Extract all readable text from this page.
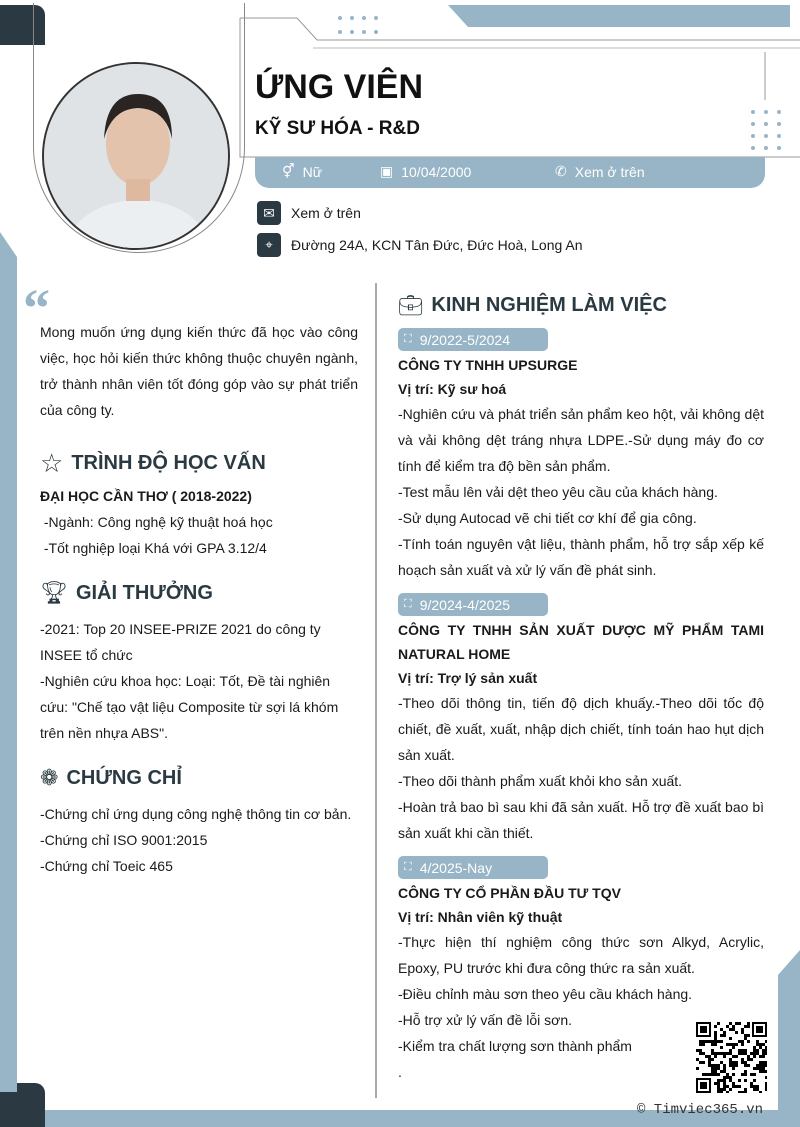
ỨNG VIÊN
KỸ SƯ HÓA - R&D
⚥ Nữ	▣ 10/04/2000	✆ Xem ở trên
✉ Xem ở trên
⌖ Đường 24A, KCN Tân Đức, Đức Hoà, Long An
“
Mong muốn ứng dụng kiến thức đã học vào công việc, học hỏi kiến thức không thuộc chuyên ngành, trở thành nhân viên tốt đóng góp vào sự phát triển của công ty.
☆ TRÌNH ĐỘ HỌC VẤN
ĐẠI HỌC CẦN THƠ ( 2018-2022)
-Ngành: Công nghệ kỹ thuật hoá học
-Tốt nghiệp loại Khá với GPA 3.12/4
🏆︎ GIẢI THƯỞNG
-2021: Top 20 INSEE-PRIZE 2021 do công ty INSEE tổ chức
-Nghiên cứu khoa học: Loại: Tốt, Đề tài nghiên cứu: "Chế tạo vật liệu Composite từ sợi lá khóm trên nền nhựa ABS".
❁ CHỨNG CHỈ
-Chứng chỉ ứng dụng công nghệ thông tin cơ bản.
-Chứng chỉ ISO 9001:2015
-Chứng chỉ Toeic 465
💼︎ KINH NGHIỆM LÀM VIỆC
⛶ 9/2022-5/2024
CÔNG TY TNHH UPSURGE
Vị trí: Kỹ sư hoá
-Nghiên cứu và phát triển sản phẩm keo hột, vải không dệt và vải không dệt tráng nhựa LDPE.-Sử dụng máy đo cơ tính để kiểm tra độ bền sản phẩm.
-Test mẫu lên vải dệt theo yêu cầu của khách hàng.
-Sử dụng Autocad vẽ chi tiết cơ khí để gia công.
-Tính toán nguyên vật liệu, thành phẩm, hỗ trợ sắp xếp kế hoạch sản xuất và xử lý vấn đề phát sinh.
⛶ 9/2024-4/2025
CÔNG TY TNHH SẢN XUẤT DƯỢC MỸ PHẨM TAMI NATURAL HOME
Vị trí: Trợ lý sản xuất
-Theo dõi thông tin, tiến độ dịch khuấy.-Theo dõi tốc độ chiết, đề xuất, xuất, nhập dịch chiết, tính toán hao hụt dịch sản xuất.
-Theo dõi thành phẩm xuất khỏi kho sản xuất.
-Hoàn trả bao bì sau khi đã sản xuất. Hỗ trợ đề xuất bao bì sản xuất khi cần thiết.
⛶ 4/2025-Nay
CÔNG TY CỔ PHẦN ĐẦU TƯ TQV
Vị trí: Nhân viên kỹ thuật
-Thực hiện thí nghiệm công thức sơn Alkyd, Acrylic, Epoxy, PU trước khi đưa công thức ra sản xuất.
-Điều chỉnh màu sơn theo yêu cầu khách hàng.
-Hỗ trợ xử lý vấn đề lỗi sơn.
-Kiểm tra chất lượng sơn thành phẩm
.
© Timviec365.vn
